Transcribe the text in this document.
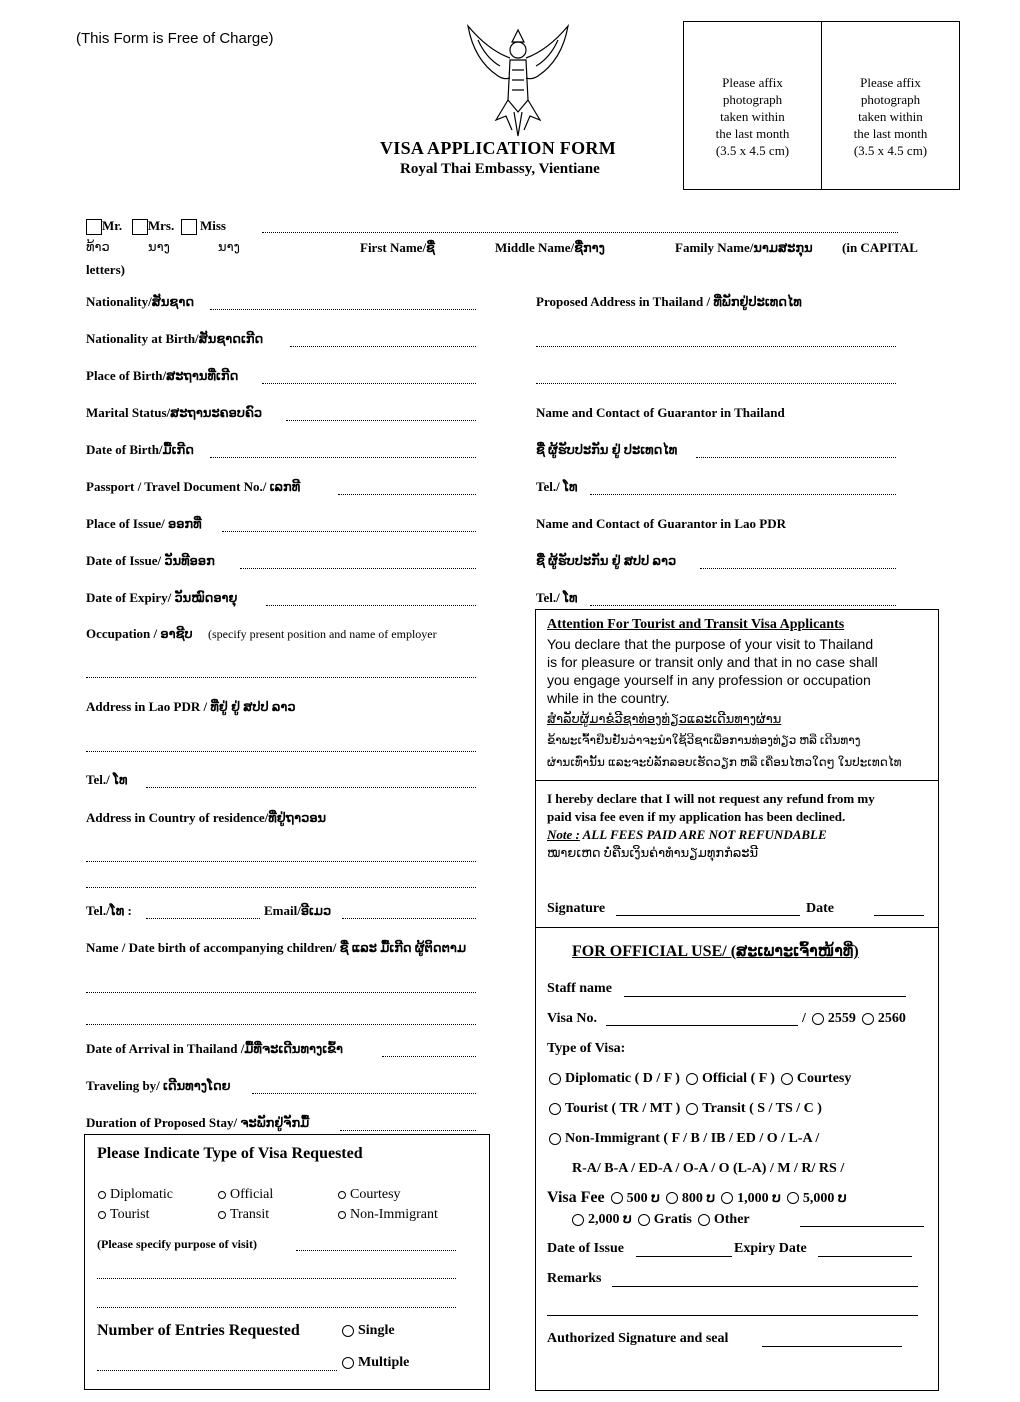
(This Form is Free of Charge)
VISA APPLICATION FORM
Royal Thai Embassy, Vientiane
Please affix
photograph
taken within
the last month
(3.5 x 4.5 cm)
Please affix
photograph
taken within
the last month
(3.5 x 4.5 cm)
Mr. Mrs. Miss
ທ້າວ	ນາງ	ນາງ	First Name/ຊື່	Middle Name/ຊື່ກາງ	Family Name/ນາມສະກຸນ (in CAPITAL
letters)
Nationality/ສັນຊາດ
Nationality at Birth/ສັນຊາດເກີດ
Place of Birth/ສະຖານທີ່ເກີດ
Marital Status/ສະຖານະຄອບຄົວ
Date of Birth/ມື້ເກີດ
Passport / Travel Document No./ ເລກທີ
Place of Issue/ ອອກທີ່
Date of Issue/ ວັນທີອອກ
Date of Expiry/ ວັນໝົດອາຍຸ
Occupation / ອາຊີບ (specify present position and name of employer
Address in Lao PDR / ທີ່ຢູ່ ຢູ່ ສປປ ລາວ
Tel./ ໂທ
Address in Country of residence/ທີ່ຢູ່ຖາວອນ
Tel./ໂທ :	Email/ອີເມວ
Name / Date birth of accompanying children/ ຊື່ ແລະ ມື້ເກີດ ຜູ້ຕິດຕາມ
Date of Arrival in Thailand /ມື້ທີ່ຈະເດີນທາງເຂົ້າ
Traveling by/ ເດີນທາງໂດຍ
Duration of Proposed Stay/ ຈະພັກຢູ່ຈັກມື້
Please Indicate Type of Visa Requested
Diplomatic	Official	Courtesy
Tourist	Transit	Non-Immigrant
(Please specify purpose of visit)
Number of Entries Requested	Single
Multiple
Proposed Address in Thailand / ທີ່ພັກຢູ່ປະເທດໄທ
Name and Contact of Guarantor in Thailand
ຊື່ ຜູ້ຮັບປະກັນ ຢູ່ ປະເທດໄທ
Tel./ ໂທ
Name and Contact of Guarantor in Lao PDR
ຊື່ ຜູ້ຮັບປະກັນ ຢູ່ ສປປ ລາວ
Tel./ ໂທ
Attention For Tourist and Transit Visa Applicants
You declare that the purpose of your visit to Thailand
is for pleasure or transit only and that in no case shall
you engage yourself in any profession or occupation
while in the country.
ສຳລັບຜູ້ມາຂໍວີຊາທ່ອງທ່ຽວແລະເດີນທາງຜ່ານ
ຂ້າພະເຈົ້າຢືນຢັນວ່າຈະນຳໃຊ້ວີຊາເພື່ອການທ່ອງທ່ຽວ ຫລື ເດີນທາງ
ຜ່ານເທົ່ານັ້ນ ແລະຈະບໍ່ລັກລອບເຮັດວຽກ ຫລື ເຄື່ອນໄຫວໃດໆ ໃນປະເທດໄທ
I hereby declare that I will not request any refund from my
paid visa fee even if my application has been declined.
Note : ALL FEES PAID ARE NOT REFUNDABLE
ໝາຍເຫດ ບໍ່ຄືນເງິນຄ່າທຳນຽມທຸກກໍລະນີ
Signature	Date
FOR OFFICIAL USE/ (ສະເພາະເຈົ້າໜ້າທີ່)
Staff name
Visa No.	/ 2559 2560
Type of Visa:
Diplomatic ( D / F ) Official ( F ) Courtesy
Tourist ( TR / MT ) Transit ( S / TS / C )
Non-Immigrant ( F / B / IB / ED / O / L-A /
R-A/ B-A / ED-A / O-A / O (L-A) / M / R/ RS /
Visa Fee 500 ບ 800 ບ 1,000 ບ 5,000 ບ
2,000 ບ Gratis Other
Date of Issue	Expiry Date
Remarks
Authorized Signature and seal
